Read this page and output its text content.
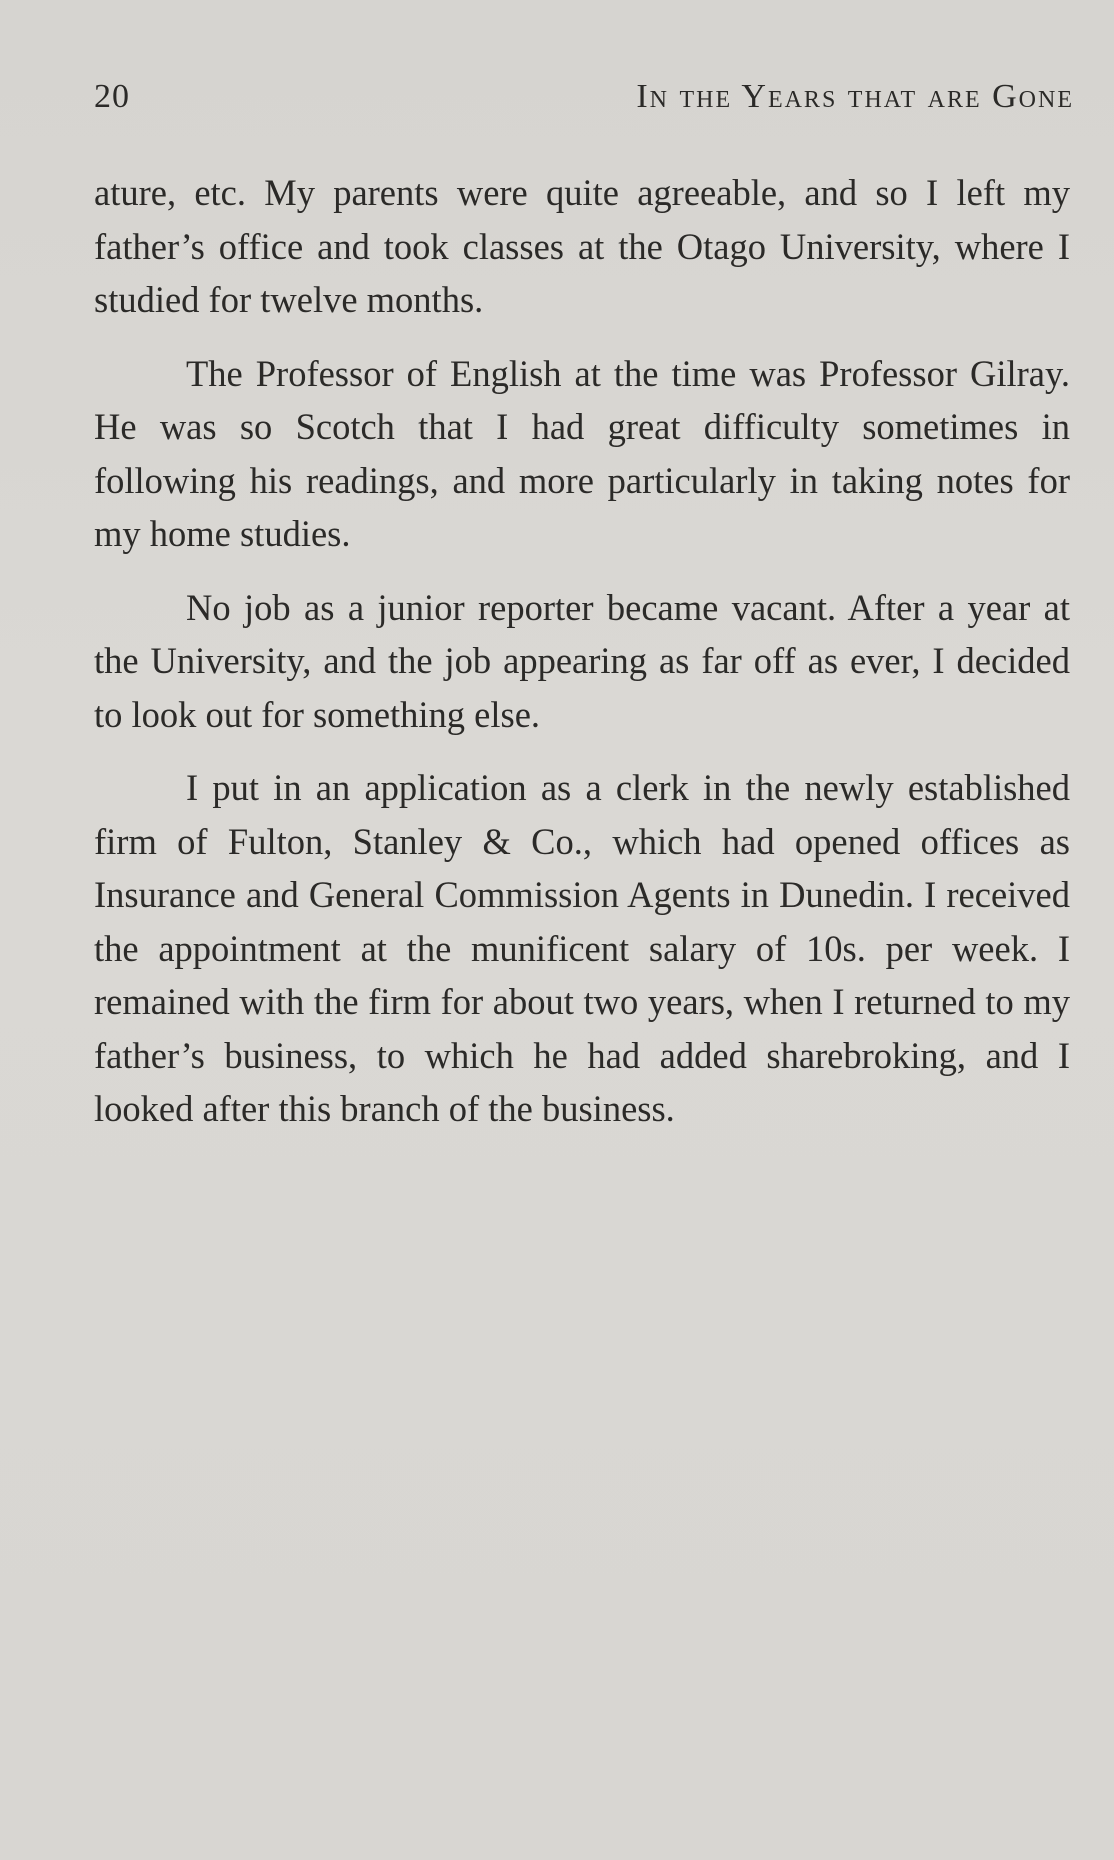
20	In the Years that are Gone

ature, etc. My parents were quite agreeable, and so I left my father’s office and took classes at the Otago University, where I studied for twelve months.

The Professor of English at the time was Professor Gilray. He was so Scotch that I had great difficulty sometimes in following his readings, and more particularly in taking notes for my home studies.

No job as a junior reporter became vacant. After a year at the University, and the job appearing as far off as ever, I decided to look out for something else.

I put in an application as a clerk in the newly established firm of Fulton, Stanley & Co., which had opened offices as Insurance and General Commission Agents in Dunedin. I received the appointment at the munificent salary of 10s. per week. I remained with the firm for about two years, when I returned to my father’s business, to which he had added sharebroking, and I looked after this branch of the business.
